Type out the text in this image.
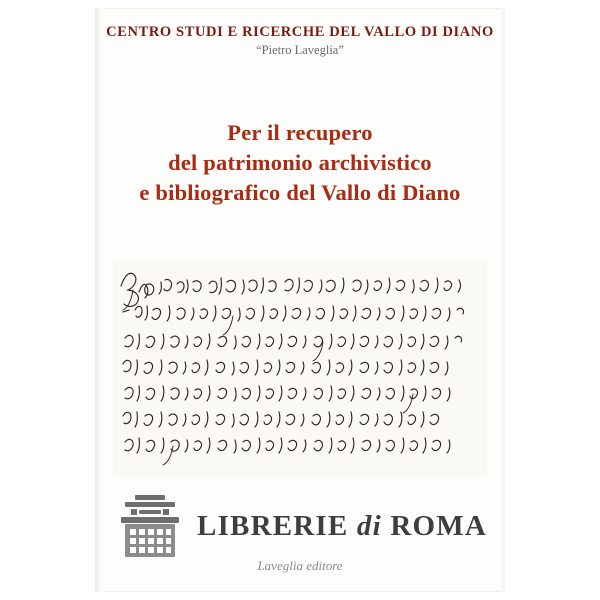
CENTRO STUDI E RICERCHE DEL VALLO DI DIANO
“Pietro Laveglia”
Per il recupero
del patrimonio archivistico
e bibliografico del Vallo di Diano
LIBRERIE di ROMA
Laveglia editore
